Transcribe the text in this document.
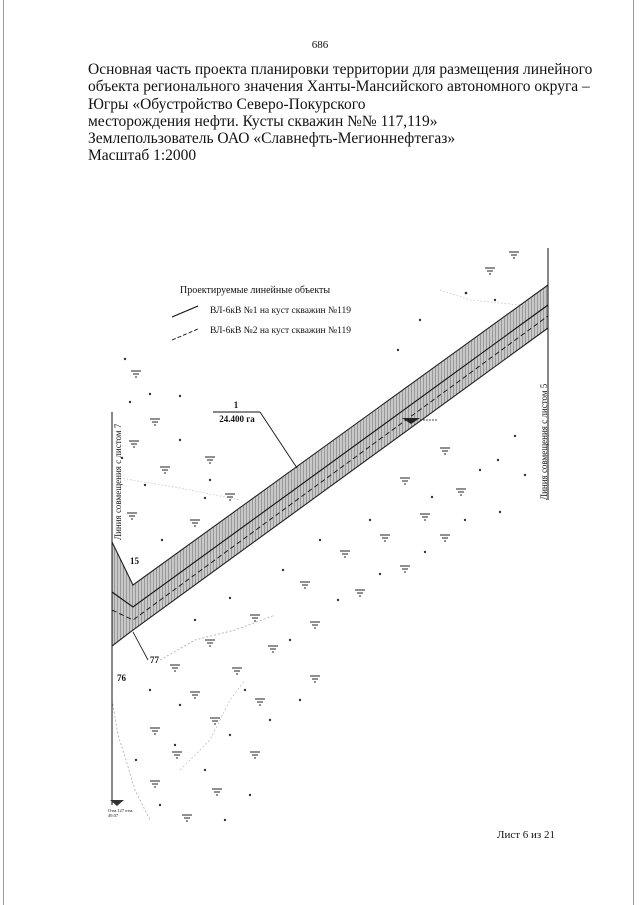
686
Основная часть проекта планировки территории для размещения линейного
объекта регионального значения Ханты-Мансийского автономного округа –
Югры «Обустройство Северо-Покурского
месторождения нефти. Кусты скважин №№ 117,119»
Землепользователь ОАО «Славнефть-Мегионнефтегаз»
Масштаб 1:2000
Проектируемые линейные объекты
ВЛ-6кВ №1 на куст скважин №119
ВЛ-6кВ №2 на куст скважин №119
1
24.400 га
15
77
76
Линия совмещения с листом 7	Линия совмещения с листом 5
Отм.127 отм.
49.07
Лист 6 из 21
